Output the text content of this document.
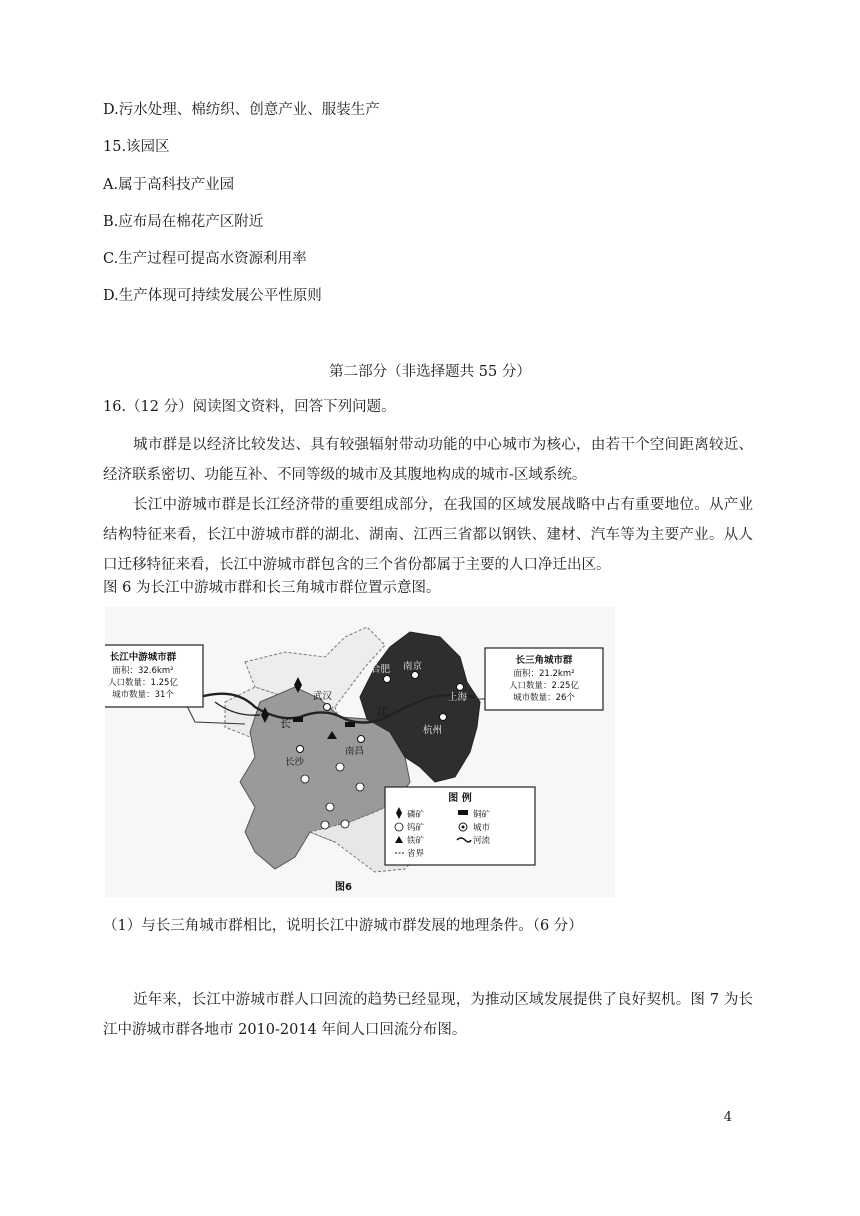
D.污水处理、棉纺织、创意产业、服装生产
15.该园区
A.属于高科技产业园
B.应布局在棉花产区附近
C.生产过程可提高水资源利用率
D.生产体现可持续发展公平性原则
第二部分（非选择题共 55 分）
16.（12 分）阅读图文资料，回答下列问题。
城市群是以经济比较发达、具有较强辐射带动功能的中心城市为核心，由若干个空间距离较近、经济联系密切、功能互补、不同等级的城市及其腹地构成的城市-区域系统。
长江中游城市群是长江经济带的重要组成部分，在我国的区域发展战略中占有重要地位。从产业结构特征来看，长江中游城市群的湖北、湖南、江西三省都以钢铁、建材、汽车等为主要产业。从人口迁移特征来看，长江中游城市群包含的三个省份都属于主要的人口净迁出区。
图 6 为长江中游城市群和长三角城市群位置示意图。
长江中游城市群
面积：32.6km²
人口数量：1.25亿
城市数量：31个
长三角城市群
面积：21.2km²
人口数量：2.25亿
城市数量：26个
合肥 南京
上海
杭州
武汉
南昌
长沙
长
江
图 例
磷矿	铜矿
钨矿	城市
铁矿	河流
省界
图6
（1）与长三角城市群相比，说明长江中游城市群发展的地理条件。（6 分）
近年来，长江中游城市群人口回流的趋势已经显现，为推动区域发展提供了良好契机。图 7 为长江中游城市群各地市 2010-2014 年间人口回流分布图。
4
